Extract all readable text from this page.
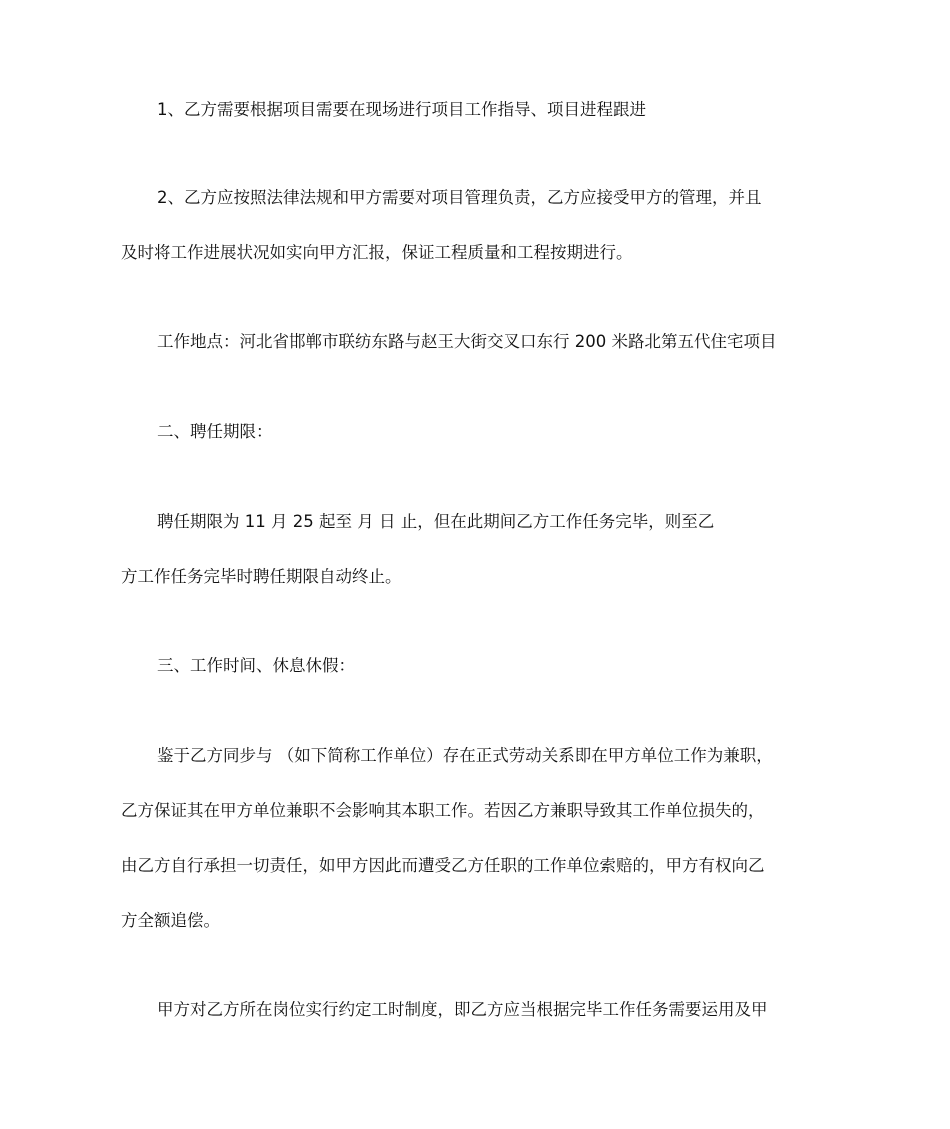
1、乙方需要根据项目需要在现场进行项目工作指导、项目进程跟进
2、乙方应按照法律法规和甲方需要对项目管理负责，乙方应接受甲方的管理，并且
及时将工作进展状况如实向甲方汇报，保证工程质量和工程按期进行。
工作地点：河北省邯郸市联纺东路与赵王大街交叉口东行 200 米路北第五代住宅项目
二、聘任期限：
聘任期限为 11 月 25 起至 月 日 止，但在此期间乙方工作任务完毕，则至乙
方工作任务完毕时聘任期限自动终止。
三、工作时间、休息休假：
鉴于乙方同步与 （如下简称工作单位）存在正式劳动关系即在甲方单位工作为兼职，
乙方保证其在甲方单位兼职不会影响其本职工作。若因乙方兼职导致其工作单位损失的，
由乙方自行承担一切责任，如甲方因此而遭受乙方任职的工作单位索赔的，甲方有权向乙
方全额追偿。
甲方对乙方所在岗位实行约定工时制度，即乙方应当根据完毕工作任务需要运用及甲
